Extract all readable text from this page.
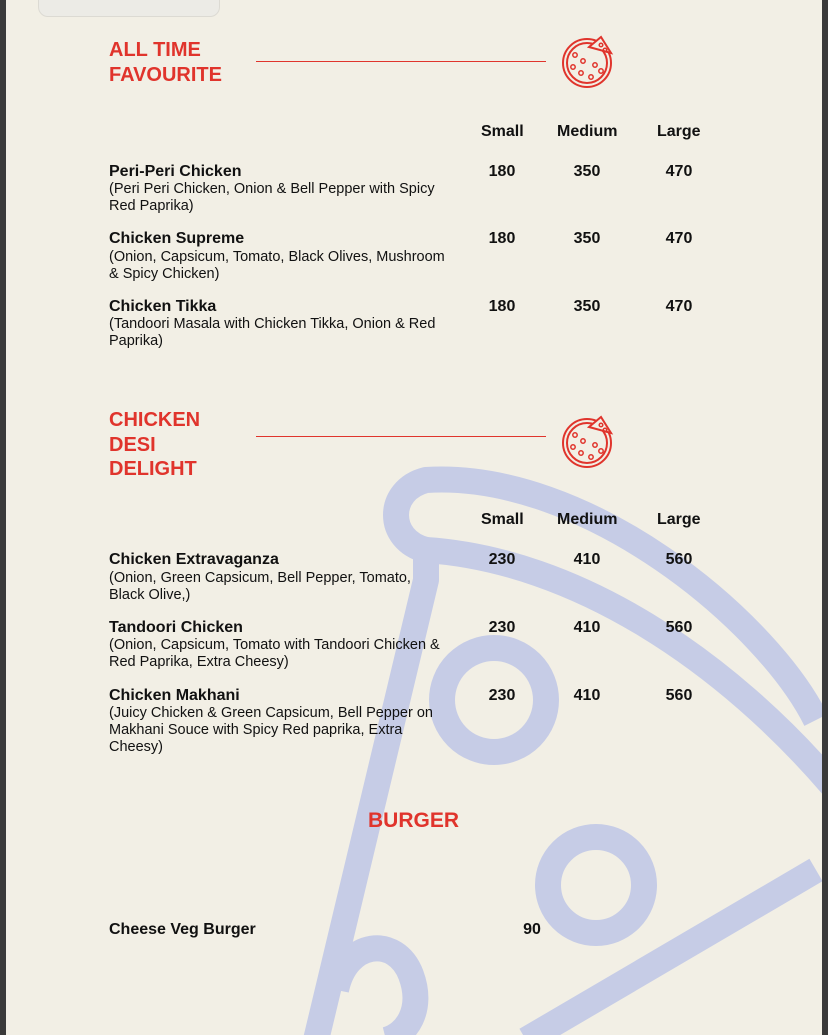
ALL TIME
FAVOURITE
Small Medium Large
Peri-Peri Chicken
(Peri Peri Chicken, Onion & Bell Pepper with Spicy Red Paprika)
180	350	470
Chicken Supreme
(Onion, Capsicum, Tomato, Black Olives, Mushroom & Spicy Chicken)
180	350	470
Chicken Tikka
(Tandoori Masala with Chicken Tikka, Onion & Red Paprika)
180	350	470
CHICKEN
DESI
DELIGHT
Small Medium Large
Chicken Extravaganza
(Onion, Green Capsicum, Bell Pepper, Tomato, Black Olive,)
230	410	560
Tandoori Chicken
(Onion, Capsicum, Tomato with Tandoori Chicken & Red Paprika, Extra Cheesy)
230	410	560
Chicken Makhani
(Juicy Chicken & Green Capsicum, Bell Pepper on Makhani Souce with Spicy Red paprika, Extra Cheesy)
230	410	560
BURGER
Cheese Veg Burger	90
